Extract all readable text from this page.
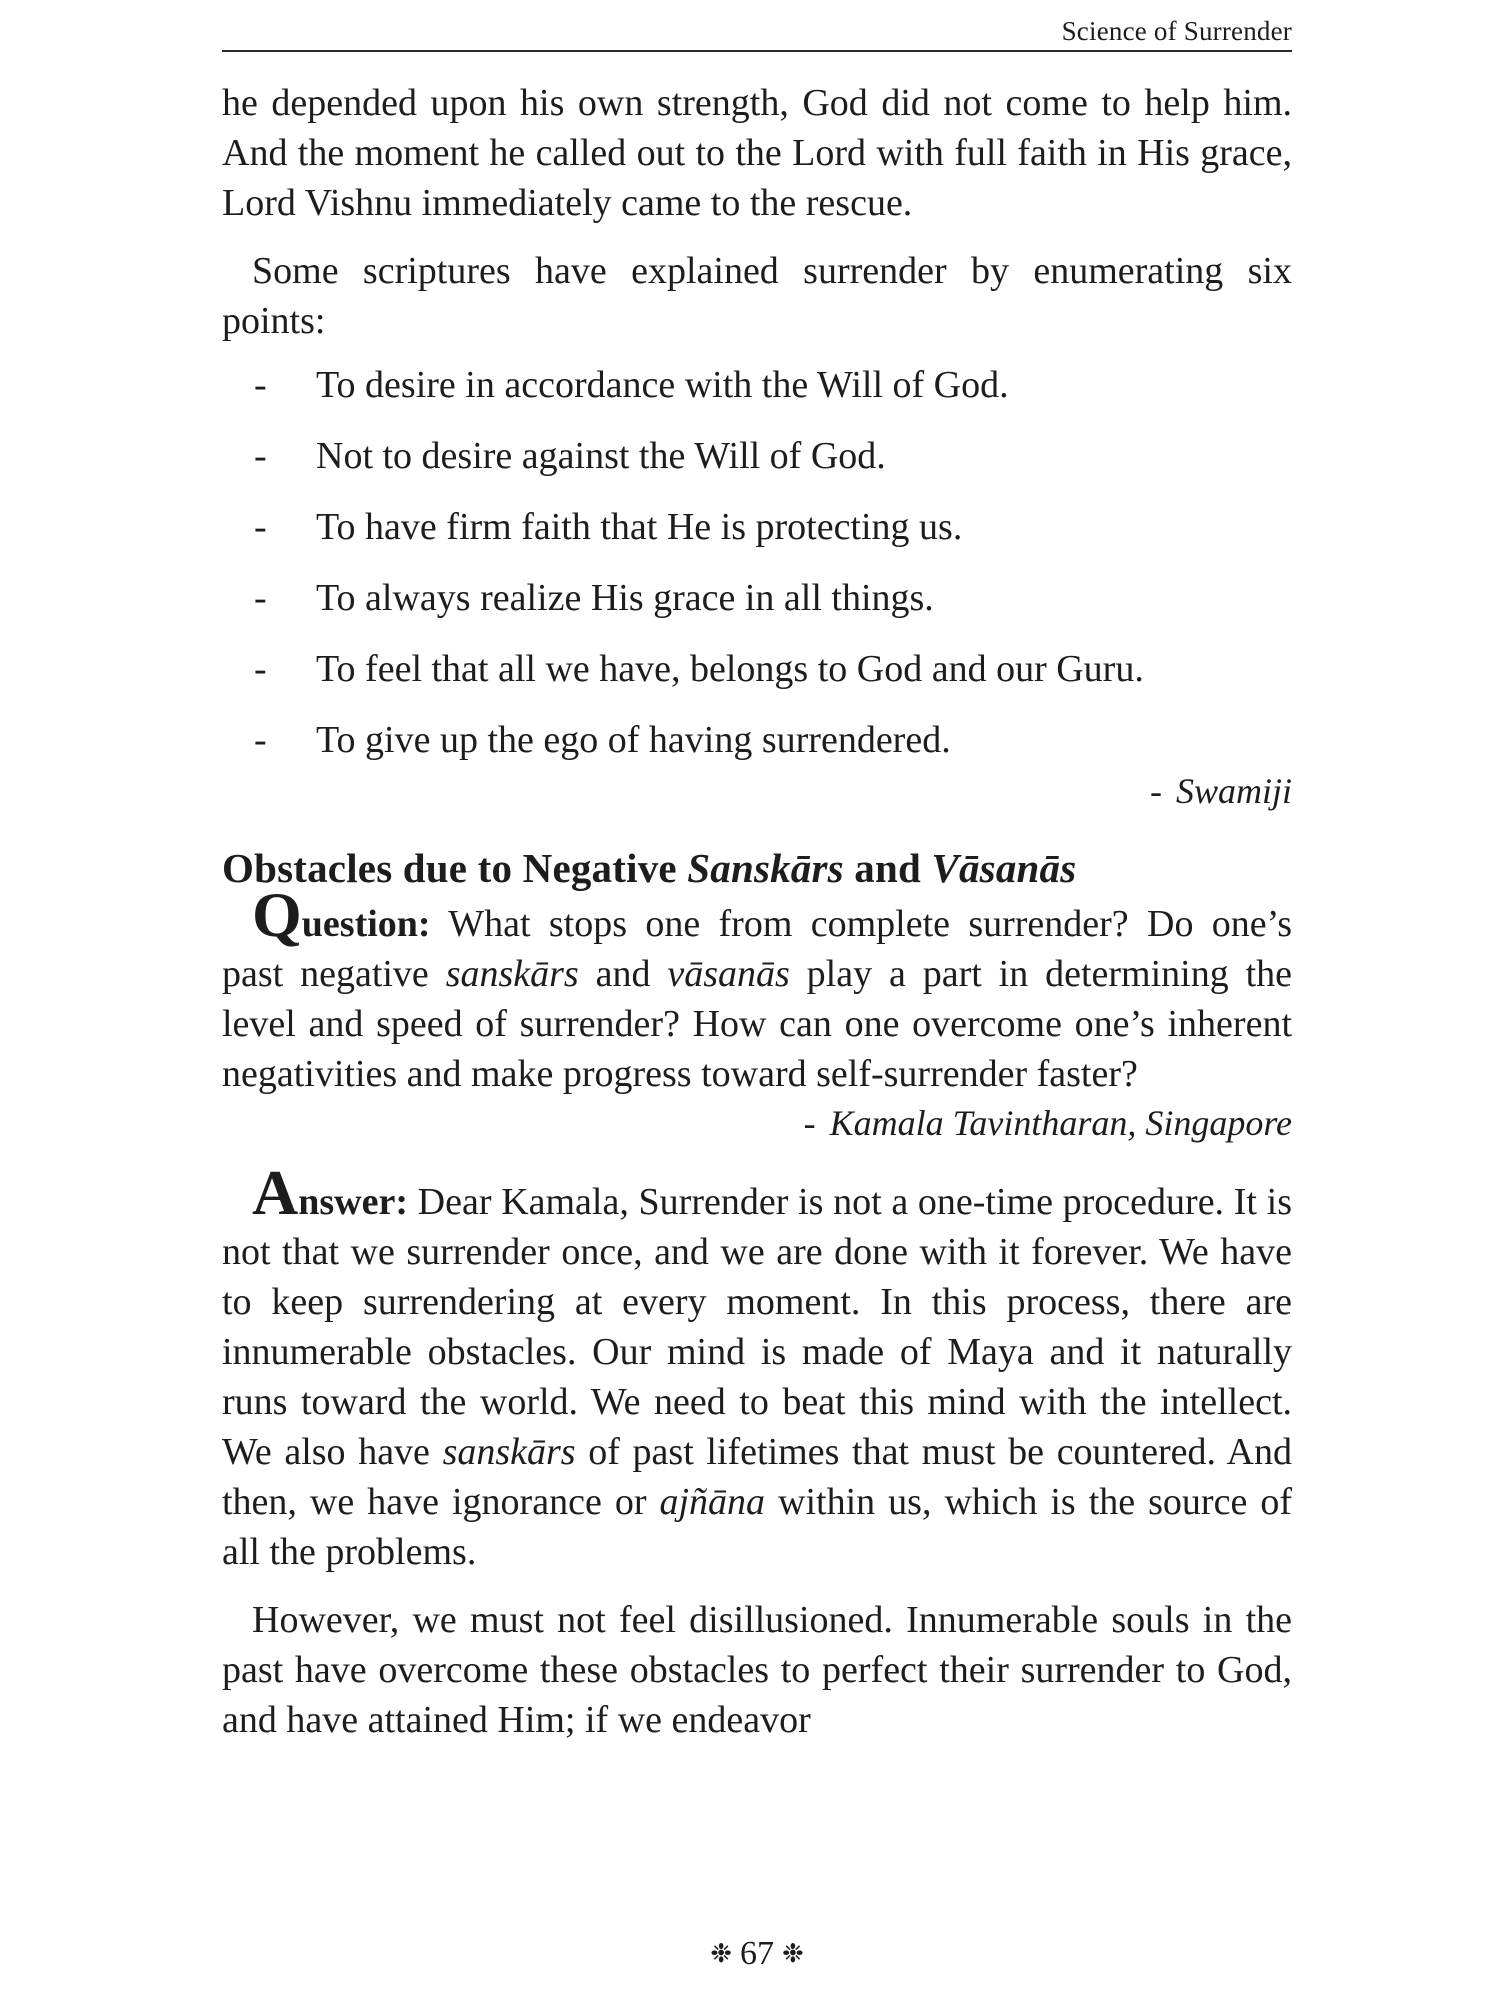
Science of Surrender

he depended upon his own strength, God did not come to help him. And the moment he called out to the Lord with full faith in His grace, Lord Vishnu immediately came to the rescue.

Some scriptures have explained surrender by enumerating six points:

- To desire in accordance with the Will of God.
- Not to desire against the Will of God.
- To have firm faith that He is protecting us.
- To always realize His grace in all things.
- To feel that all we have, belongs to God and our Guru.
- To give up the ego of having surrendered.
- Swamiji
Obstacles due to Negative Sanskārs and Vāsanās

Question: What stops one from complete surrender? Do one’s past negative sanskārs and vāsanās play a part in determining the level and speed of surrender? How can one overcome one’s inherent negativities and make progress toward self-surrender faster?

- Kamala Tavintharan, Singapore

Answer: Dear Kamala, Surrender is not a one-time procedure. It is not that we surrender once, and we are done with it forever. We have to keep surrendering at every moment. In this process, there are innumerable obstacles. Our mind is made of Maya and it naturally runs toward the world. We need to beat this mind with the intellect. We also have sanskārs of past lifetimes that must be countered. And then, we have ignorance or ajñāna within us, which is the source of all the problems.

However, we must not feel disillusioned. Innumerable souls in the past have overcome these obstacles to perfect their surrender to God, and have attained Him; if we endeavor

❉ 67 ❉
